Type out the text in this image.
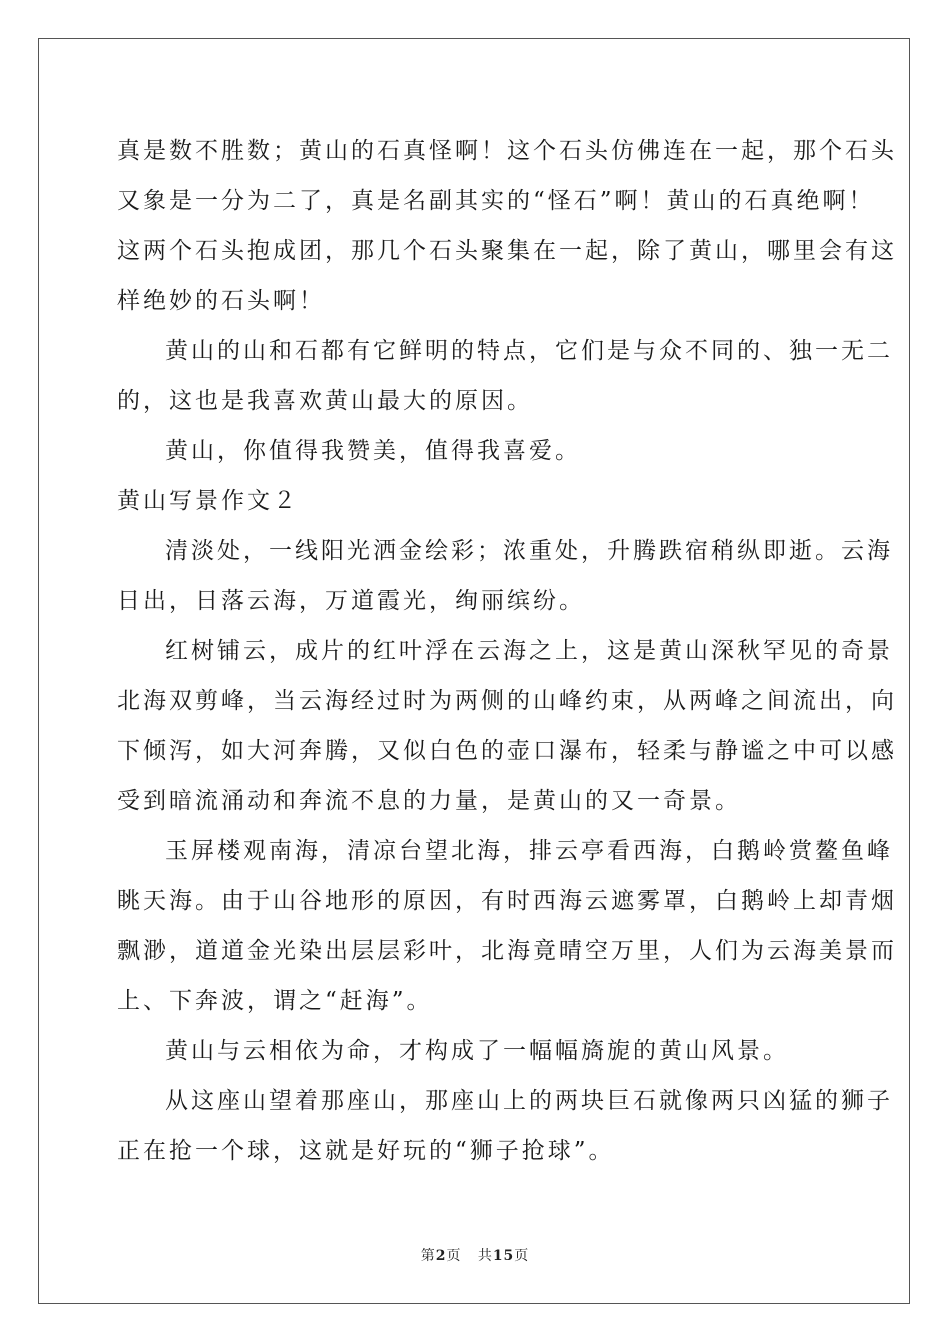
真是数不胜数；黄山的石真怪啊！这个石头仿佛连在一起，那个石头

又象是一分为二了，真是名副其实的“怪石”啊！黄山的石真绝啊！

这两个石头抱成团，那几个石头聚集在一起，除了黄山，哪里会有这

样绝妙的石头啊！

黄山的山和石都有它鲜明的特点，它们是与众不同的、独一无二

的，这也是我喜欢黄山最大的原因。

黄山，你值得我赞美，值得我喜爱。

黄山写景作文２

清淡处，一线阳光洒金绘彩；浓重处，升腾跌宿稍纵即逝。云海

日出，日落云海，万道霞光，绚丽缤纷。

红树铺云，成片的红叶浮在云海之上，这是黄山深秋罕见的奇景

北海双剪峰，当云海经过时为两侧的山峰约束，从两峰之间流出，向

下倾泻，如大河奔腾，又似白色的壶口瀑布，轻柔与静谧之中可以感

受到暗流涌动和奔流不息的力量，是黄山的又一奇景。

玉屏楼观南海，清凉台望北海，排云亭看西海，白鹅岭赏鳌鱼峰

眺天海。由于山谷地形的原因，有时西海云遮雾罩，白鹅岭上却青烟

飘渺，道道金光染出层层彩叶，北海竟晴空万里，人们为云海美景而

上、下奔波，谓之“赶海”。

黄山与云相依为命，才构成了一幅幅旖旎的黄山风景。

从这座山望着那座山，那座山上的两块巨石就像两只凶猛的狮子

正在抢一个球，这就是好玩的“狮子抢球”。

第2页 共15页
